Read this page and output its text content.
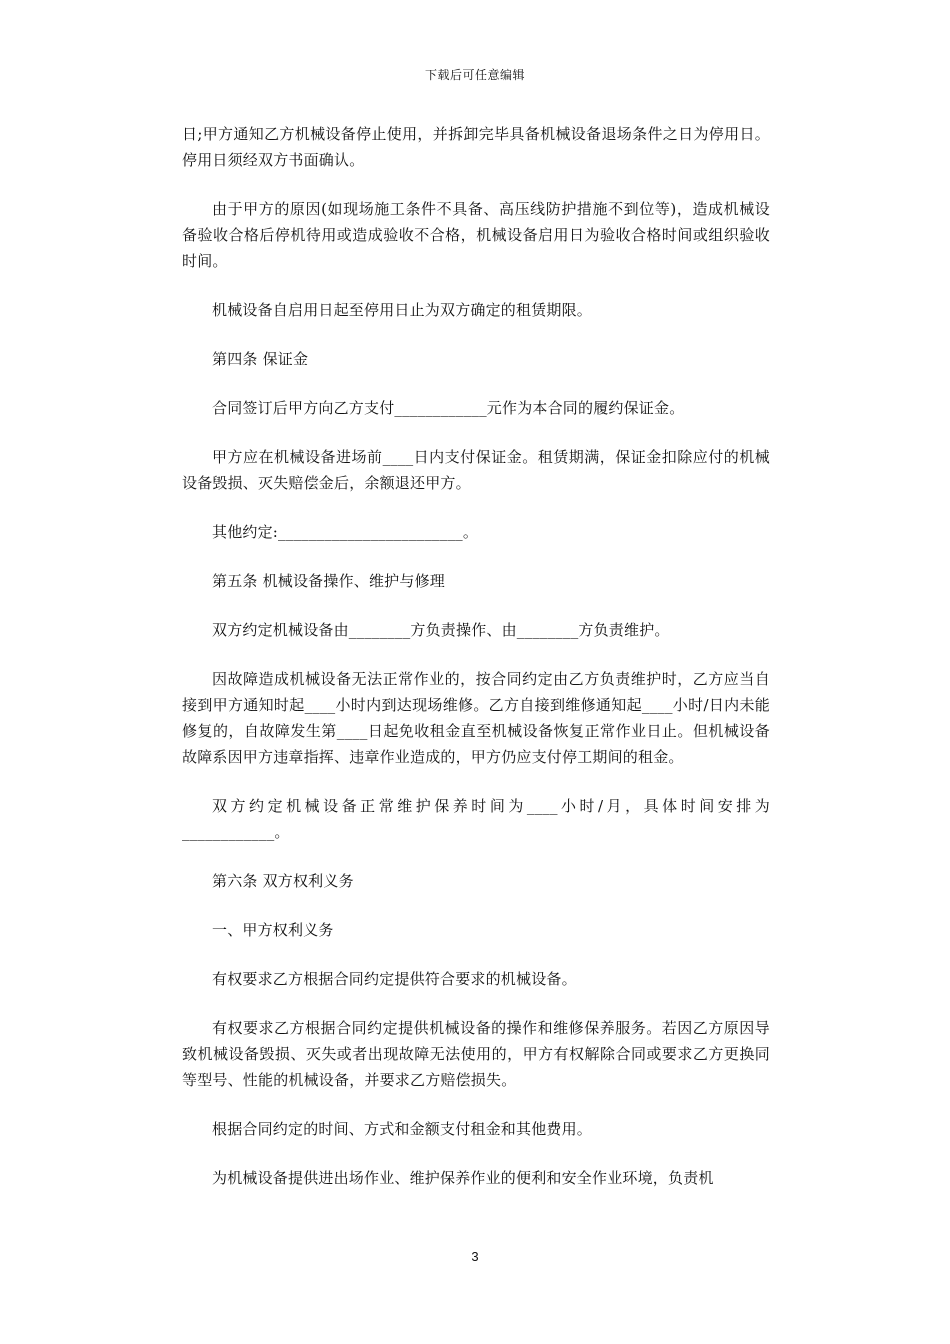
下载后可任意编辑

日;甲方通知乙方机械设备停止使用，并拆卸完毕具备机械设备退场条件之日为停用日。停用日须经双方书面确认。

由于甲方的原因(如现场施工条件不具备、高压线防护措施不到位等)，造成机械设备验收合格后停机待用或造成验收不合格，机械设备启用日为验收合格时间或组织验收时间。

机械设备自启用日起至停用日止为双方确定的租赁期限。

第四条 保证金

合同签订后甲方向乙方支付____________元作为本合同的履约保证金。

甲方应在机械设备进场前____日内支付保证金。租赁期满，保证金扣除应付的机械设备毁损、灭失赔偿金后，余额退还甲方。

其他约定:________________________。

第五条 机械设备操作、维护与修理

双方约定机械设备由________方负责操作、由________方负责维护。

因故障造成机械设备无法正常作业的，按合同约定由乙方负责维护时，乙方应当自接到甲方通知时起____小时内到达现场维修。乙方自接到维修通知起____小时/日内未能修复的，自故障发生第____日起免收租金直至机械设备恢复正常作业日止。但机械设备故障系因甲方违章指挥、违章作业造成的，甲方仍应支付停工期间的租金。

双方约定机械设备正常维护保养时间为____小时/月，具体时间安排为____________。

第六条 双方权利义务

一、甲方权利义务

有权要求乙方根据合同约定提供符合要求的机械设备。

有权要求乙方根据合同约定提供机械设备的操作和维修保养服务。若因乙方原因导致机械设备毁损、灭失或者出现故障无法使用的，甲方有权解除合同或要求乙方更换同等型号、性能的机械设备，并要求乙方赔偿损失。

根据合同约定的时间、方式和金额支付租金和其他费用。

为机械设备提供进出场作业、维护保养作业的便利和安全作业环境，负责机

3
